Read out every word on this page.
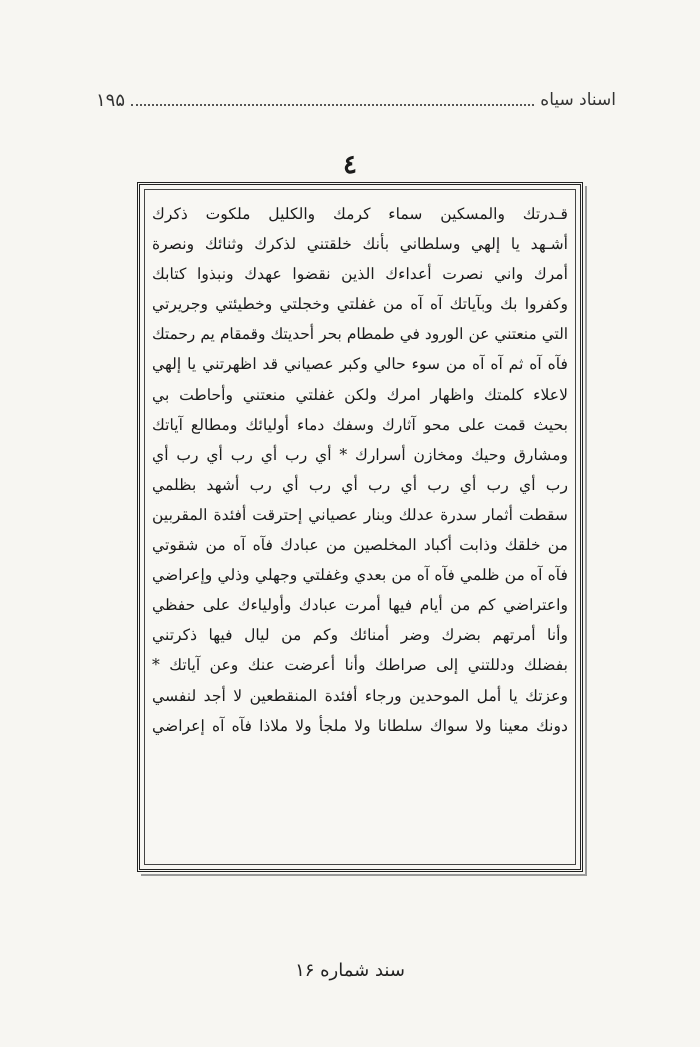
اسناد سیاه
۱۹۵
٤
قـدرتك والمسكين سماء كرمك والكليل ملكوت ذكرك
أشـهد يا إلهي وسلطاني بأنك خلقتني لذكرك وثنائك ونصرة
أمرك واني نصرت أعداءك الذين نقضوا عهدك ونبذوا كتابك
وكفروا بك وبآياتك آه آه من غفلتي وخجلتي وخطيئتي وجريرتي
التي منعتني عن الورود في طمطام بحر أحديتك وقمقام يم رحمتك
فآه آه ثم آه آه من سوء حالي وكبر عصياني قد اظهرتني يا إلهي
لاعلاء كلمتك واظهار امرك ولكن غفلتي منعتني وأحاطت بي
بحيث قمت على محو آثارك وسفك دماء أوليائك ومطالع آياتك
ومشارق وحيك ومخازن أسرارك * أي رب أي رب أي رب أي
رب أي رب أي رب أي رب أي رب أي رب أشهد بظلمي
سقطت أثمار سدرة عدلك وبنار عصياني إحترقت أفئدة المقربين
من خلقك وذابت أكباد المخلصين من عبادك فآه آه من شقوتي
فآه آه من ظلمي فآه آه من بعدي وغفلتي وجهلي وذلي وإعراضي
واعتراضي كم من أيام فيها أمرت عبادك وأولياءك على حفظي
وأنا أمرتهم بضرك وضر أمنائك وكم من ليال فيها ذكرتني
بفضلك ودللتني إلى صراطك وأنا أعرضت عنك وعن آياتك *
وعزتك يا أمل الموحدين ورجاء أفئدة المنقطعين لا أجد لنفسي
دونك معينا ولا سواك سلطانا ولا ملجأ ولا ملاذا فآه آه إعراضي
سند شماره ۱۶
